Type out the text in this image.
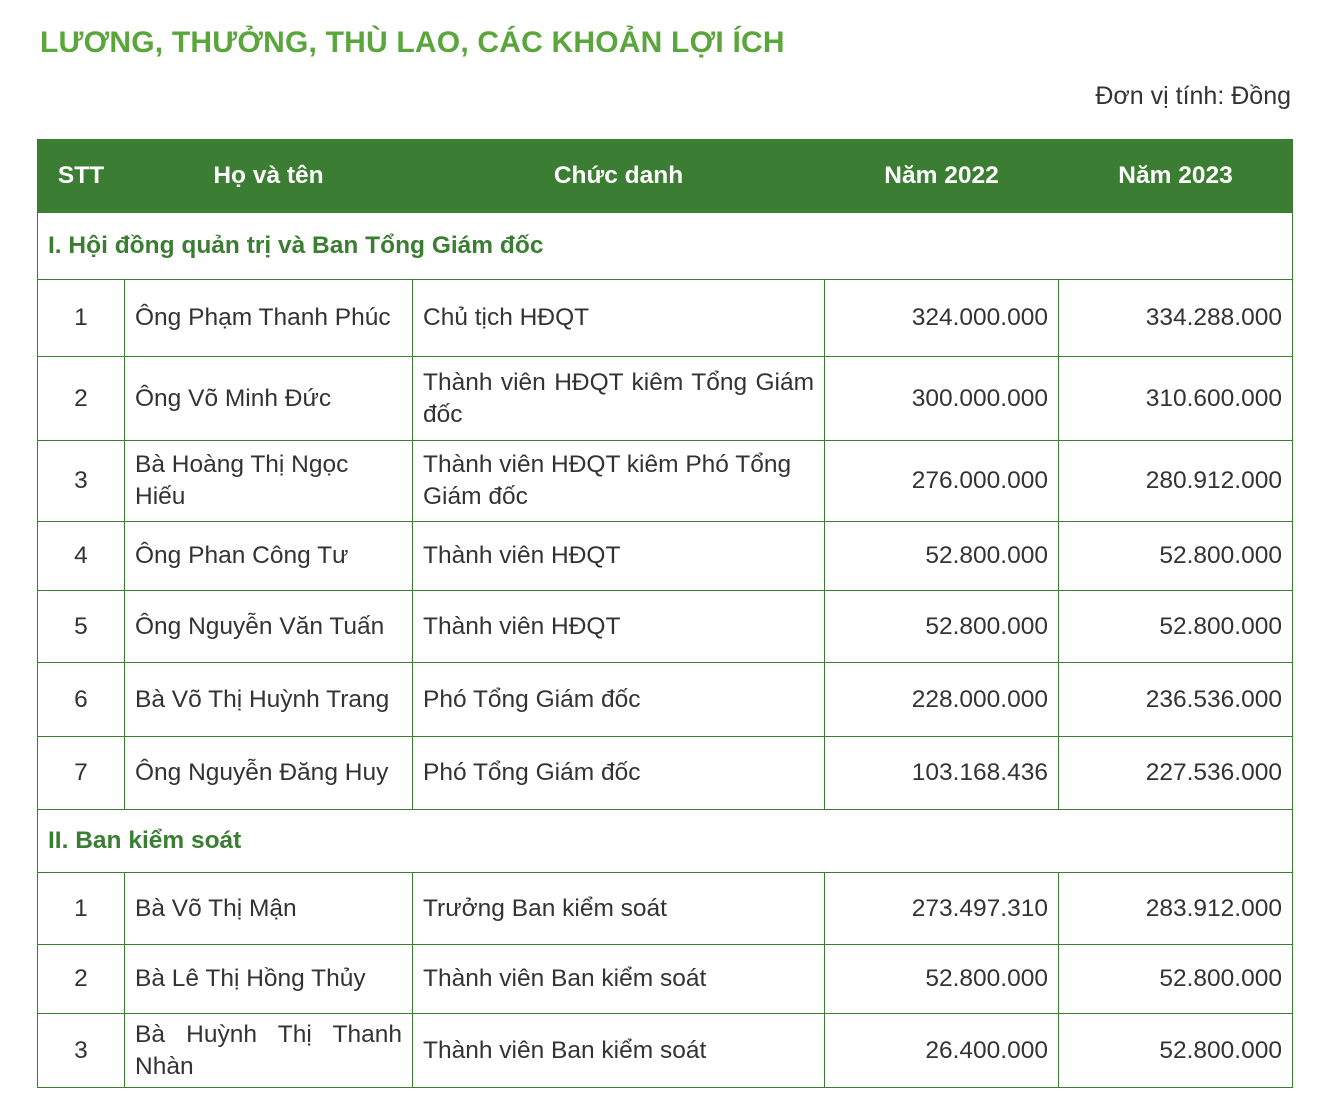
LƯƠNG, THƯỞNG, THÙ LAO, CÁC KHOẢN LỢI ÍCH
Đơn vị tính: Đồng
STT	Họ và tên	Chức danh	Năm 2022	Năm 2023
I. Hội đồng quản trị và Ban Tổng Giám đốc				
1	Ông Phạm Thanh Phúc	Chủ tịch HĐQT	324.000.000	334.288.000
2	Ông Võ Minh Đức	Thành viên HĐQT kiêm Tổng Giám đốc	300.000.000	310.600.000
3	Bà Hoàng Thị Ngọc Hiếu	Thành viên HĐQT kiêm Phó Tổng Giám đốc	276.000.000	280.912.000
4	Ông Phan Công Tư	Thành viên HĐQT	52.800.000	52.800.000
5	Ông Nguyễn Văn Tuấn	Thành viên HĐQT	52.800.000	52.800.000
6	Bà Võ Thị Huỳnh Trang	Phó Tổng Giám đốc	228.000.000	236.536.000
7	Ông Nguyễn Đăng Huy	Phó Tổng Giám đốc	103.168.436	227.536.000
II. Ban kiểm soát				
1	Bà Võ Thị Mận	Trưởng Ban kiểm soát	273.497.310	283.912.000
2	Bà Lê Thị Hồng Thủy	Thành viên Ban kiểm soát	52.800.000	52.800.000
3	Bà Huỳnh Thị Thanh Nhàn	Thành viên Ban kiểm soát	26.400.000	52.800.000
